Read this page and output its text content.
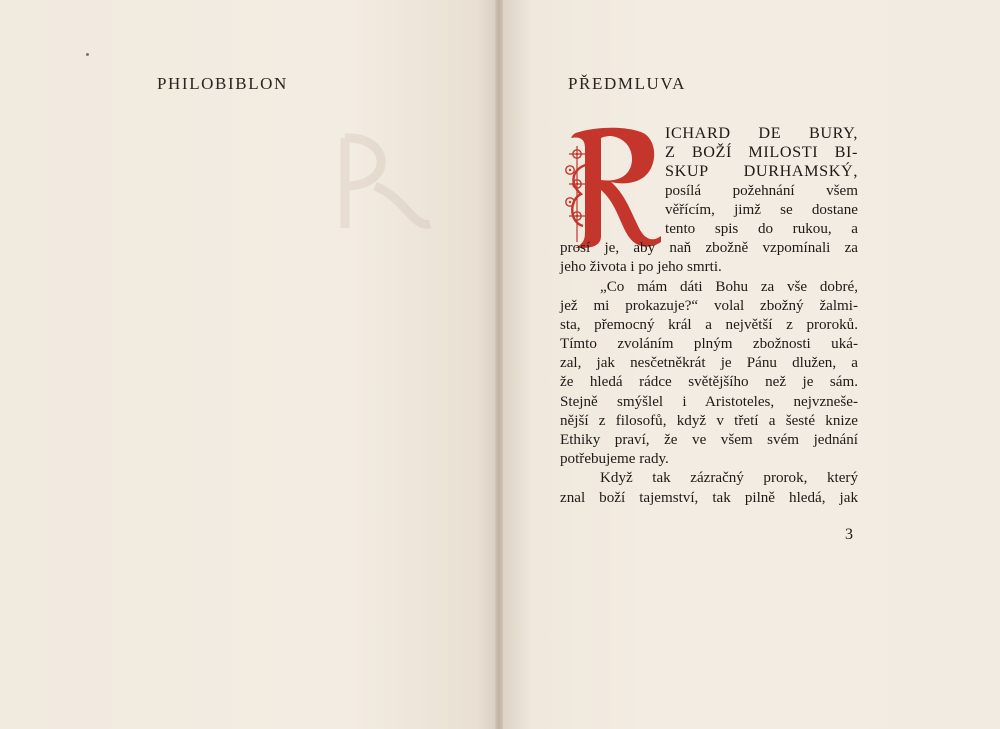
PHILOBIBLON	PŘEDMLUVA
ICHARD DE BURY,
Z BOŽÍ MILOSTI BI-
SKUP DURHAMSKÝ,
posílá požehnání všem
věřícím, jimž se dostane
tento spis do rukou, a
prosí je, aby naň zbožně vzpomínali za
jeho života i po jeho smrti.
„Co mám dáti Bohu za vše dobré,
jež mi prokazuje?“ volal zbožný žalmi-
sta, přemocný král a největší z proroků.
Tímto zvoláním plným zbožnosti uká-
zal, jak nesčetněkrát je Pánu dlužen, a
že hledá rádce světějšího než je sám.
Stejně smýšlel i Aristoteles, nejvzneše-
nější z filosofů, když v třetí a šesté knize
Ethiky praví, že ve všem svém jednání
potřebujeme rady.
Když tak zázračný prorok, který
znal boží tajemství, tak pilně hledá, jak
3
